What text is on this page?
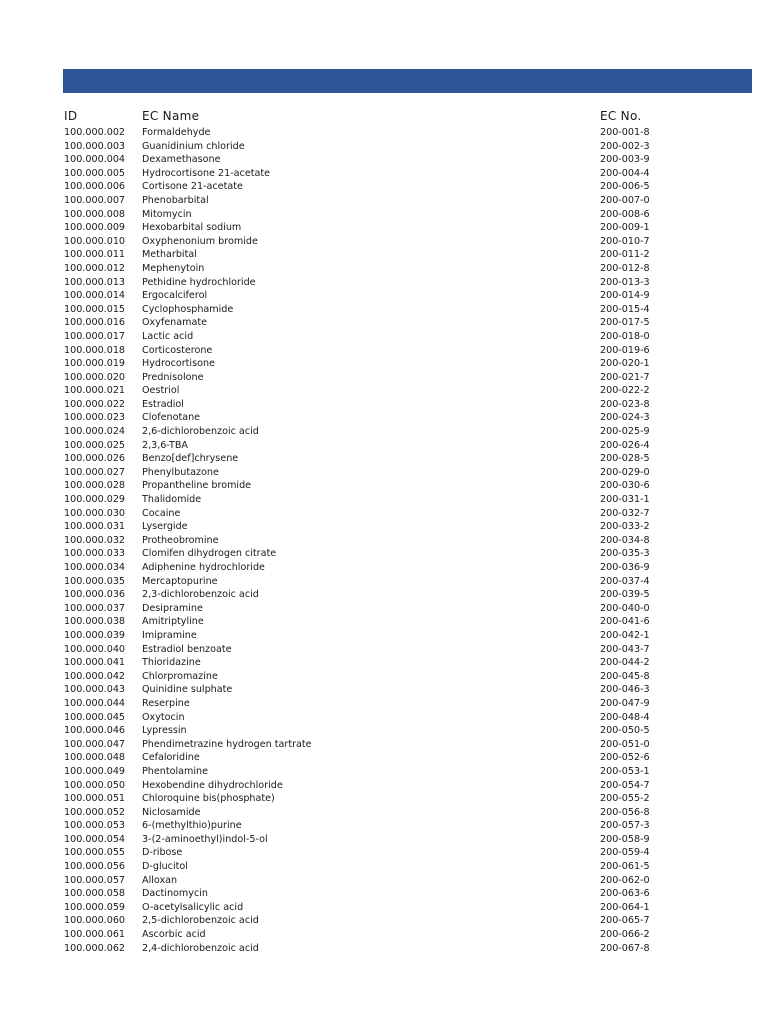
ID	EC Name	EC No.
100.000.002 Formaldehyde	200-001-8
100.000.003 Guanidinium chloride	200-002-3
100.000.004 Dexamethasone	200-003-9
100.000.005 Hydrocortisone 21-acetate	200-004-4
100.000.006 Cortisone 21-acetate	200-006-5
100.000.007 Phenobarbital	200-007-0
100.000.008 Mitomycin	200-008-6
100.000.009 Hexobarbital sodium	200-009-1
100.000.010 Oxyphenonium bromide	200-010-7
100.000.011 Metharbital	200-011-2
100.000.012 Mephenytoin	200-012-8
100.000.013 Pethidine hydrochloride	200-013-3
100.000.014 Ergocalciferol	200-014-9
100.000.015 Cyclophosphamide	200-015-4
100.000.016 Oxyfenamate	200-017-5
100.000.017 Lactic acid	200-018-0
100.000.018 Corticosterone	200-019-6
100.000.019 Hydrocortisone	200-020-1
100.000.020 Prednisolone	200-021-7
100.000.021 Oestriol	200-022-2
100.000.022 Estradiol	200-023-8
100.000.023 Clofenotane	200-024-3
100.000.024 2,6-dichlorobenzoic acid	200-025-9
100.000.025 2,3,6-TBA	200-026-4
100.000.026 Benzo[def]chrysene	200-028-5
100.000.027 Phenylbutazone	200-029-0
100.000.028 Propantheline bromide	200-030-6
100.000.029 Thalidomide	200-031-1
100.000.030 Cocaine	200-032-7
100.000.031 Lysergide	200-033-2
100.000.032 Protheobromine	200-034-8
100.000.033 Clomifen dihydrogen citrate	200-035-3
100.000.034 Adiphenine hydrochloride	200-036-9
100.000.035 Mercaptopurine	200-037-4
100.000.036 2,3-dichlorobenzoic acid	200-039-5
100.000.037 Desipramine	200-040-0
100.000.038 Amitriptyline	200-041-6
100.000.039 Imipramine	200-042-1
100.000.040 Estradiol benzoate	200-043-7
100.000.041 Thioridazine	200-044-2
100.000.042 Chlorpromazine	200-045-8
100.000.043 Quinidine sulphate	200-046-3
100.000.044 Reserpine	200-047-9
100.000.045 Oxytocin	200-048-4
100.000.046 Lypressin	200-050-5
100.000.047 Phendimetrazine hydrogen tartrate	200-051-0
100.000.048 Cefaloridine	200-052-6
100.000.049 Phentolamine	200-053-1
100.000.050 Hexobendine dihydrochloride	200-054-7
100.000.051 Chloroquine bis(phosphate)	200-055-2
100.000.052 Niclosamide	200-056-8
100.000.053 6-(methylthio)purine	200-057-3
100.000.054 3-(2-aminoethyl)indol-5-ol	200-058-9
100.000.055 D-ribose	200-059-4
100.000.056 D-glucitol	200-061-5
100.000.057 Alloxan	200-062-0
100.000.058 Dactinomycin	200-063-6
100.000.059 O-acetylsalicylic acid	200-064-1
100.000.060 2,5-dichlorobenzoic acid	200-065-7
100.000.061 Ascorbic acid	200-066-2
100.000.062 2,4-dichlorobenzoic acid	200-067-8
